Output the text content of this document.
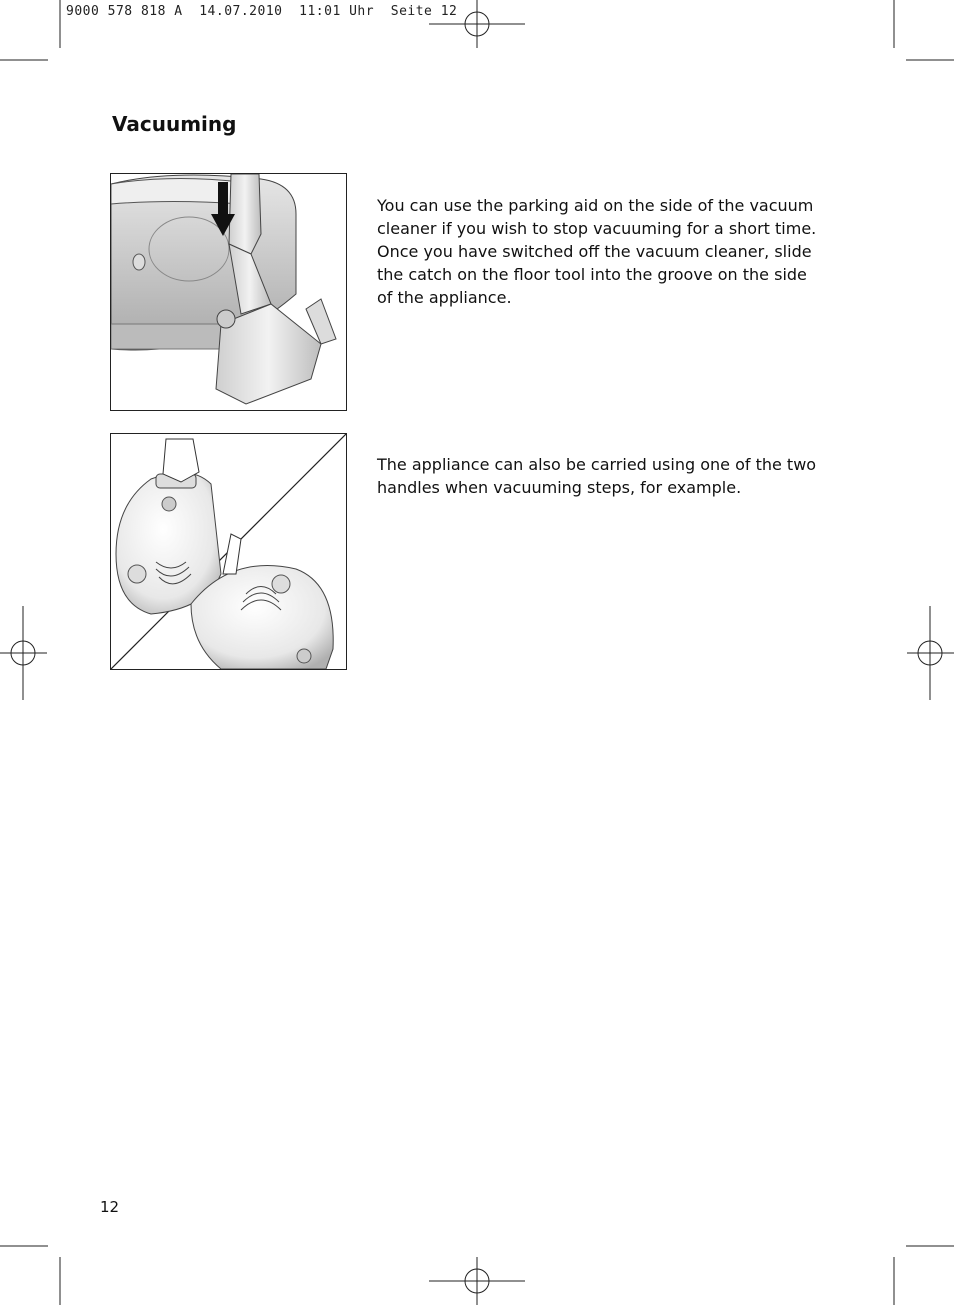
9000 578 818 A  14.07.2010  11:01 Uhr  Seite 12
Vacuuming
You can use the parking aid on the side of the vacuum cleaner if you wish to stop vacuuming for a short time. Once you have switched off the vacuum cleaner, slide the catch on the floor tool into the groove on the side of the appliance.
The appliance can also be carried using one of the two handles when vacuuming steps, for example.
12
